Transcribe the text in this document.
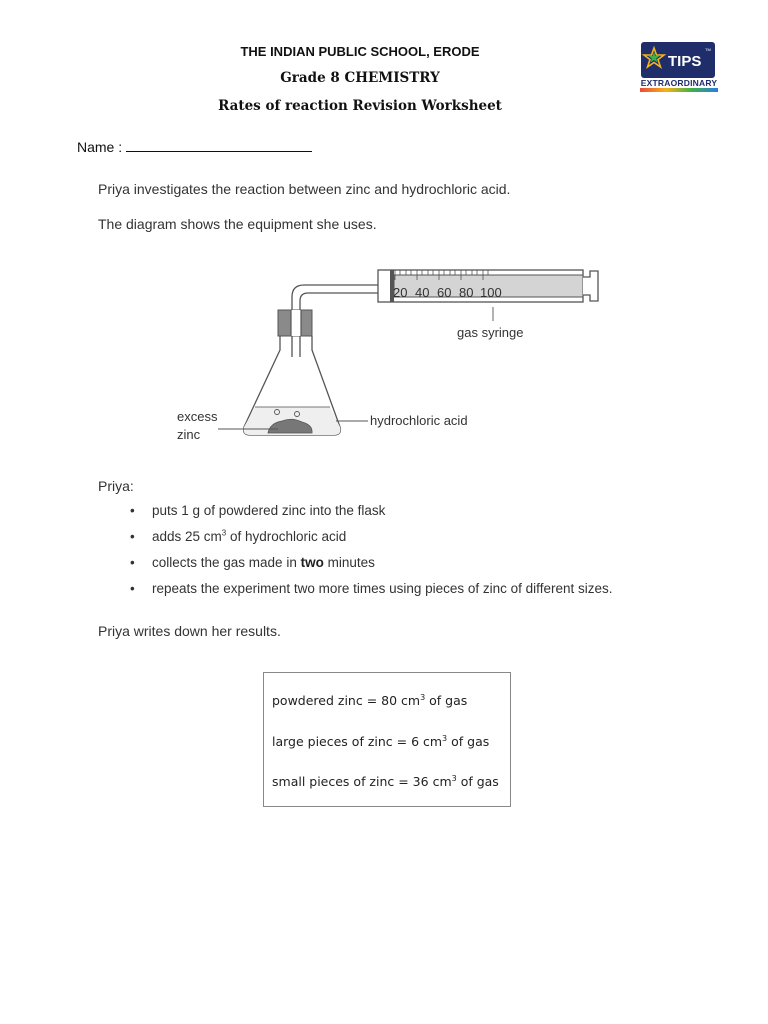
THE INDIAN PUBLIC SCHOOL, ERODE
Grade 8 CHEMISTRY
Rates of reaction Revision Worksheet
TIPS
TM
EXTRAORDINARY
Name :
Priya investigates the reaction between zinc and hydrochloric acid.
The diagram shows the equipment she uses.
20 40 60 80 100
gas syringe
excess
zinc
hydrochloric acid
Priya:
• puts 1 g of powdered zinc into the flask
• adds 25 $cm^3$ of hydrochloric acid
• collects the gas made in two minutes
• repeats the experiment two more times using pieces of zinc of different sizes.
Priya writes down her results.
powdered zinc = 80 $cm^3$ of gas
large pieces of zinc = 6 $cm^3$ of gas
small pieces of zinc = 36 $cm^3$ of gas
